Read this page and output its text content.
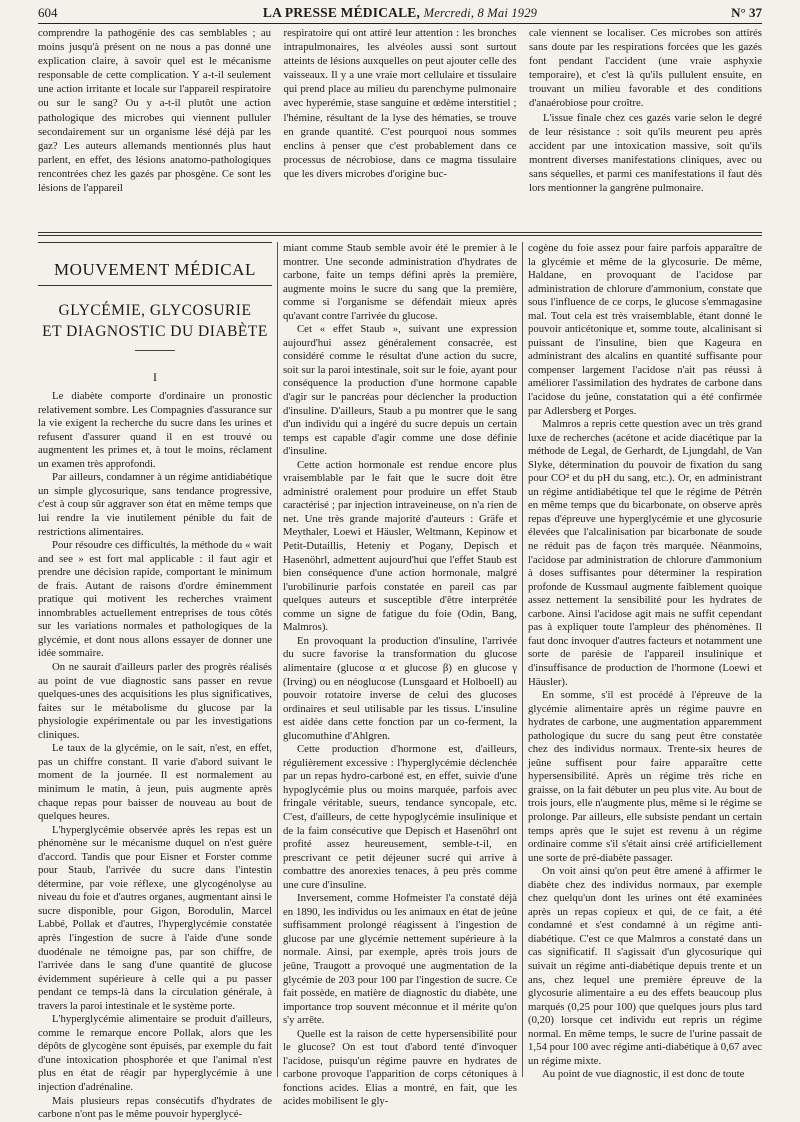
604	LA PRESSE MÉDICALE, Mercredi, 8 Mai 1929	N° 37

comprendre la pathogénie des cas semblables ; au moins jusqu'à présent on ne nous a pas donné une explication claire, à savoir quel est le mécanisme responsable de cette complication. Y a-t-il seulement une action irritante et locale sur l'appareil respiratoire ou sur le sang? Ou y a-t-il plutôt une action pathologique des microbes qui viennent pulluler secondairement sur un organisme lésé déjà par les gaz? Les auteurs allemands mentionnés plus haut parlent, en effet, des lésions anatomo-pathologiques rencontrées chez les gazés par phosgène. Ce sont les lésions de l'appareil

respiratoire qui ont attiré leur attention : les bronches intrapulmonaires, les alvéoles aussi sont surtout atteints de lésions auxquelles on peut ajouter celle des vaisseaux. Il y a une vraie mort cellulaire et tissulaire qui prend place au milieu du parenchyme pulmonaire avec hyperémie, stase sanguine et œdème interstitiel ; l'hémine, résultant de la lyse des hématies, se trouve en grande quantité. C'est pourquoi nous sommes enclins à penser que c'est probablement dans ce processus de nécrobiose, dans ce magma tissulaire que les divers microbes d'origine buc-

cale viennent se localiser. Ces microbes son attirés sans doute par les respirations forcées que les gazés font pendant l'accident (une vraie asphyxie temporaire), et c'est là qu'ils pullulent ensuite, en trouvant un milieu favorable et des conditions d'anaérobiose pour croître.

L'issue finale chez ces gazés varie selon le degré de leur résistance : soit qu'ils meurent peu après accident par une intoxication massive, soit qu'ils montrent diverses manifestations cliniques, avec ou sans séquelles, et parmi ces manifestations il faut dès lors mentionner la gangrène pulmonaire.

MOUVEMENT MÉDICAL
GLYCÉMIE, GLYCOSURIE
ET DIAGNOSTIC DU DIABÈTE
I

Le diabète comporte d'ordinaire un pronostic relativement sombre. Les Compagnies d'assurance sur la vie exigent la recherche du sucre dans les urines et refusent d'assurer quand il en est trouvé ou augmentent les primes et, à tout le moins, réclament un examen très approfondi.

Par ailleurs, condamner à un régime antidiabétique un simple glycosurique, sans tendance progressive, c'est à coup sûr aggraver son état en même temps que lui rendre la vie inutilement pénible du fait de restrictions alimentaires.

Pour résoudre ces difficultés, la méthode du « wait and see » est fort mal applicable : il faut agir et prendre une décision rapide, comportant le minimum de frais. Autant de raisons d'ordre éminemment pratique qui motivent les recherches vraiment innombrables actuellement entreprises de tous côtés sur les variations normales et pathologiques de la glycémie, et dont nous allons essayer de donner une idée sommaire.

On ne saurait d'ailleurs parler des progrès réalisés au point de vue diagnostic sans passer en revue quelques-unes des acquisitions les plus significatives, faites sur le métabolisme du glucose par la physiologie expérimentale ou par les investigations cliniques.

Le taux de la glycémie, on le sait, n'est, en effet, pas un chiffre constant. Il varie d'abord suivant le moment de la journée. Il est normalement au minimum le matin, à jeun, puis augmente après chaque repas pour baisser de nouveau au bout de quelques heures.

L'hyperglycémie observée après les repas est un phénomène sur le mécanisme duquel on n'est guère d'accord. Tandis que pour Eisner et Forster comme pour Staub, l'arrivée du sucre dans l'intestin détermine, par voie réflexe, une glycogénolyse au niveau du foie et d'autres organes, augmentant ainsi le sucre disponible, pour Gigon, Borodulin, Marcel Labbé, Pollak et d'autres, l'hyperglycémie constatée après l'ingestion de sucre à l'aide d'une sonde duodénale ne témoigne pas, par son chiffre, de l'arrivée dans le sang d'une quantité de glucose évidemment supérieure à celle qui a pu passer pendant ce temps-là dans la circulation générale, à travers la paroi intestinale et le système porte.

L'hyperglycémie alimentaire se produit d'ailleurs, comme le remarque encore Pollak, alors que les dépôts de glycogène sont épuisés, par exemple du fait d'une intoxication phosphorée et que l'animal n'est plus en état de réagir par hyperglycémie à une injection d'adrénaline.

Mais plusieurs repas consécutifs d'hydrates de carbone n'ont pas le même pouvoir hyperglycé-

miant comme Staub semble avoir été le premier à le montrer. Une seconde administration d'hydrates de carbone, faite un temps défini après la première, augmente moins le sucre du sang que la première, comme si l'organisme se défendait mieux après qu'avant contre l'arrivée du glucose.

Cet « effet Staub », suivant une expression aujourd'hui assez généralement consacrée, est considéré comme le résultat d'une action du sucre, soit sur la paroi intestinale, soit sur le foie, ayant pour conséquence la production d'une hormone capable d'agir sur le pancréas pour déclencher la production d'insuline. D'ailleurs, Staub a pu montrer que le sang d'un individu qui a ingéré du sucre depuis un certain temps est capable d'agir comme une dose définie d'insuline.

Cette action hormonale est rendue encore plus vraisemblable par le fait que le sucre doit être administré oralement pour produire un effet Staub caractérisé ; par injection intraveineuse, on n'a rien de net. Une très grande majorité d'auteurs : Gräfe et Meythaler, Loewi et Häusler, Weltmann, Kepinow et Petit-Dutaillis, Heteniy et Pogany, Depisch et Hasenöhrl, admettent aujourd'hui que l'effet Staub est bien conséquence d'une action hormonale, malgré l'urobilinurie parfois constatée en pareil cas par quelques auteurs et susceptible d'être interprétée comme un signe de fatigue du foie (Odin, Bang, Malmros).

En provoquant la production d'insuline, l'arrivée du sucre favorise la transformation du glucose alimentaire (glucose α et glucose β) en glucose γ (Irving) ou en néoglucose (Lunsgaard et Holboell) au pouvoir rotatoire inverse de celui des glucoses ordinaires et seul utilisable par les tissus. L'insuline est aidée dans cette fonction par un co-ferment, la glucomuthine d'Ahlgren.

Cette production d'hormone est, d'ailleurs, régulièrement excessive : l'hyperglycémie déclenchée par un repas hydro-carboné est, en effet, suivie d'une hypoglycémie plus ou moins marquée, parfois avec fringale véritable, sueurs, tendance syncopale, etc. C'est, d'ailleurs, de cette hypoglycémie insulinique et de la faim consécutive que Depisch et Hasenöhrl ont profité assez heureusement, semble-t-il, en prescrivant ce petit déjeuner sucré qui arrive à combattre des anorexies tenaces, à peu près comme une cure d'insuline.

Inversement, comme Hofmeister l'a constaté déjà en 1890, les individus ou les animaux en état de jeûne suffisamment prolongé réagissent à l'ingestion de glucose par une glycémie nettement supérieure à la normale. Ainsi, par exemple, après trois jours de jeûne, Traugott a provoqué une augmentation de la glycémie de 203 pour 100 par l'ingestion de sucre. Ce fait possède, en matière de diagnostic du diabète, une importance trop souvent méconnue et il mérite qu'on s'y arrête.

Quelle est la raison de cette hypersensibilité pour le glucose? On est tout d'abord tenté d'invoquer l'acidose, puisqu'un régime pauvre en hydrates de carbone provoque l'apparition de corps cétoniques à fonctions acides. Elias a montré, en fait, que les acides mobilisent le gly-

cogène du foie assez pour faire parfois apparaître de la glycémie et même de la glycosurie. De même, Haldane, en provoquant de l'acidose par administration de chlorure d'ammonium, constate que sous l'influence de ce corps, le glucose s'emmagasine mal. Tout cela est très vraisemblable, étant donné le pouvoir anticétonique et, somme toute, alcalinisant si puissant de l'insuline, bien que Kageura en administrant des alcalins en quantité suffisante pour compenser largement l'acidose n'ait pas réussi à améliorer l'assimilation des hydrates de carbone dans l'acidose du jeûne, constatation qui a été confirmée par Adlersberg et Porges.

Malmros a repris cette question avec un très grand luxe de recherches (acétone et acide diacétique par la méthode de Legal, de Gerhardt, de Ljungdahl, de Van Slyke, détermination du pouvoir de fixation du sang pour CO² et du pH du sang, etc.). Or, en administrant un régime antidiabétique tel que le régime de Pétrén en même temps que du bicarbonate, on observe après repas d'épreuve une hyperglycémie et une glycosurie élevées que l'alcalinisation par bicarbonate de soude ne réduit pas de façon très marquée. Néanmoins, l'acidose par administration de chlorure d'ammonium à doses suffisantes pour déterminer la respiration profonde de Kussmaul augmente faiblement quoique assez nettement la sensibilité pour les hydrates de carbone. Ainsi l'acidose agit mais ne suffit cependant pas à expliquer toute l'ampleur des phénomènes. Il faut donc invoquer d'autres facteurs et notamment une sorte de parésie de l'appareil insulinique et d'insuffisance de production de l'hormone (Loewi et Häusler).

En somme, s'il est procédé à l'épreuve de la glycémie alimentaire après un régime pauvre en hydrates de carbone, une augmentation apparemment pathologique du sucre du sang peut être constatée chez des individus normaux. Trente-six heures de jeûne suffisent pour faire apparaître cette hypersensibilité. Après un régime très riche en graisse, on la fait débuter un peu plus vite. Au bout de trois jours, elle n'augmente plus, même si le régime se prolonge. Par ailleurs, elle subsiste pendant un certain temps après que le sujet est revenu à un régime ordinaire comme s'il s'était ainsi créé artificiellement une sorte de pré-diabète passager.

On voit ainsi qu'on peut être amené à affirmer le diabète chez des individus normaux, par exemple chez quelqu'un dont les urines ont été examinées après un repas copieux et qui, de ce fait, a été condamné et s'est condamné à un régime anti-diabétique. C'est ce que Malmros a constaté dans un cas significatif. Il s'agissait d'un glycosurique qui suivait un régime anti-diabétique depuis trente et un ans, chez lequel une première épreuve de la glycosurie alimentaire a eu des effets beaucoup plus marqués (0,25 pour 100) que quelques jours plus tard (0,20) lorsque cet individu eut repris un régime normal. En même temps, le sucre de l'urine passait de 1,54 pour 100 avec régime anti-diabétique à 0,67 avec un régime mixte.

Au point de vue diagnostic, il est donc de toute
